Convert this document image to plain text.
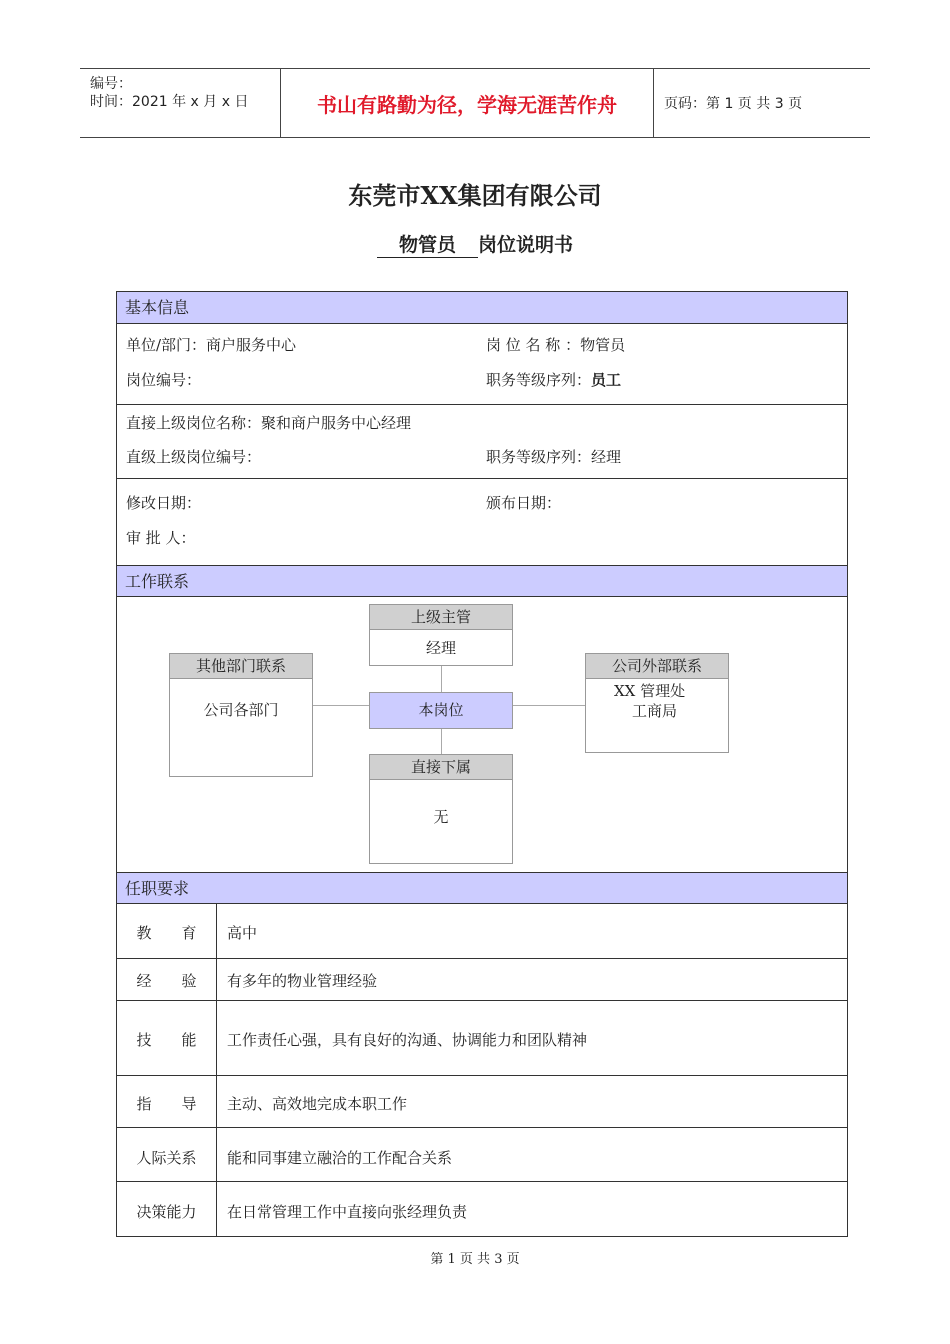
编号：
时间：2021 年 x 月 x 日	书山有路勤为径，学海无涯苦作舟	页码：第 1 页 共 3 页
东莞市XX集团有限公司
物管员 岗位说明书
基本信息
单位/部门：商户服务中心	岗 位 名 称 ：物管员
岗位编号：	职务等级序列：员工
直接上级岗位名称：聚和商户服务中心经理
直级上级岗位编号：	职务等级序列：经理
修改日期：	颁布日期：
审 批 人：
工作联系
上级主管
经理
其他部门联系
公司各部门	本岗位
公司外部联系
XX 管理处
工商局
直接下属
无
任职要求
教　　育	高中
经　　验	有多年的物业管理经验
技　　能	工作责任心强，具有良好的沟通、协调能力和团队精神
指　　导	主动、高效地完成本职工作
人际关系	能和同事建立融洽的工作配合关系
决策能力	在日常管理工作中直接向张经理负责
第 1 页 共 3 页
